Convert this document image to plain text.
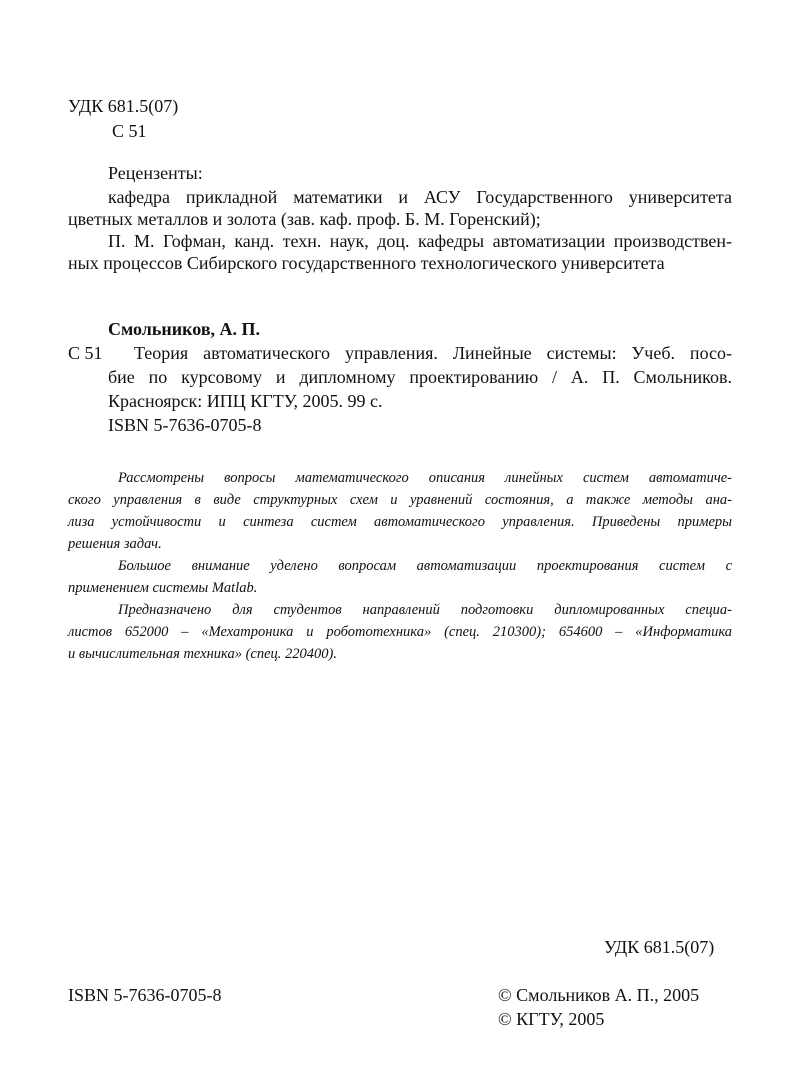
УДК 681.5(07)
С 51
Рецензенты:
кафедра прикладной математики и АСУ Государственного университета
цветных металлов и золота (зав. каф. проф. Б. М. Горенский);
П. М. Гофман, канд. техн. наук, доц. кафедры автоматизации производствен-
ных процессов Сибирского государственного технологического университета
Смольников, А. П.
С 51 Теория автоматического управления. Линейные системы: Учеб. посо-
бие по курсовому и дипломному проектированию / А. П. Смольников.
Красноярск: ИПЦ КГТУ, 2005. 99 с.
ISBN 5-7636-0705-8
Рассмотрены вопросы математического описания линейных систем автоматиче-
ского управления в виде структурных схем и уравнений состояния, а также методы ана-
лиза устойчивости и синтеза систем автоматического управления. Приведены примеры
решения задач.
Большое внимание уделено вопросам автоматизации проектирования систем с
применением системы Matlab.
Предназначено для студентов направлений подготовки дипломированных специа-
листов 652000 – «Мехатроника и робототехника» (спец. 210300); 654600 – «Информатика
и вычислительная техника» (спец. 220400).
УДК 681.5(07)
ISBN 5-7636-0705-8	© Смольников А. П., 2005
© КГТУ, 2005
